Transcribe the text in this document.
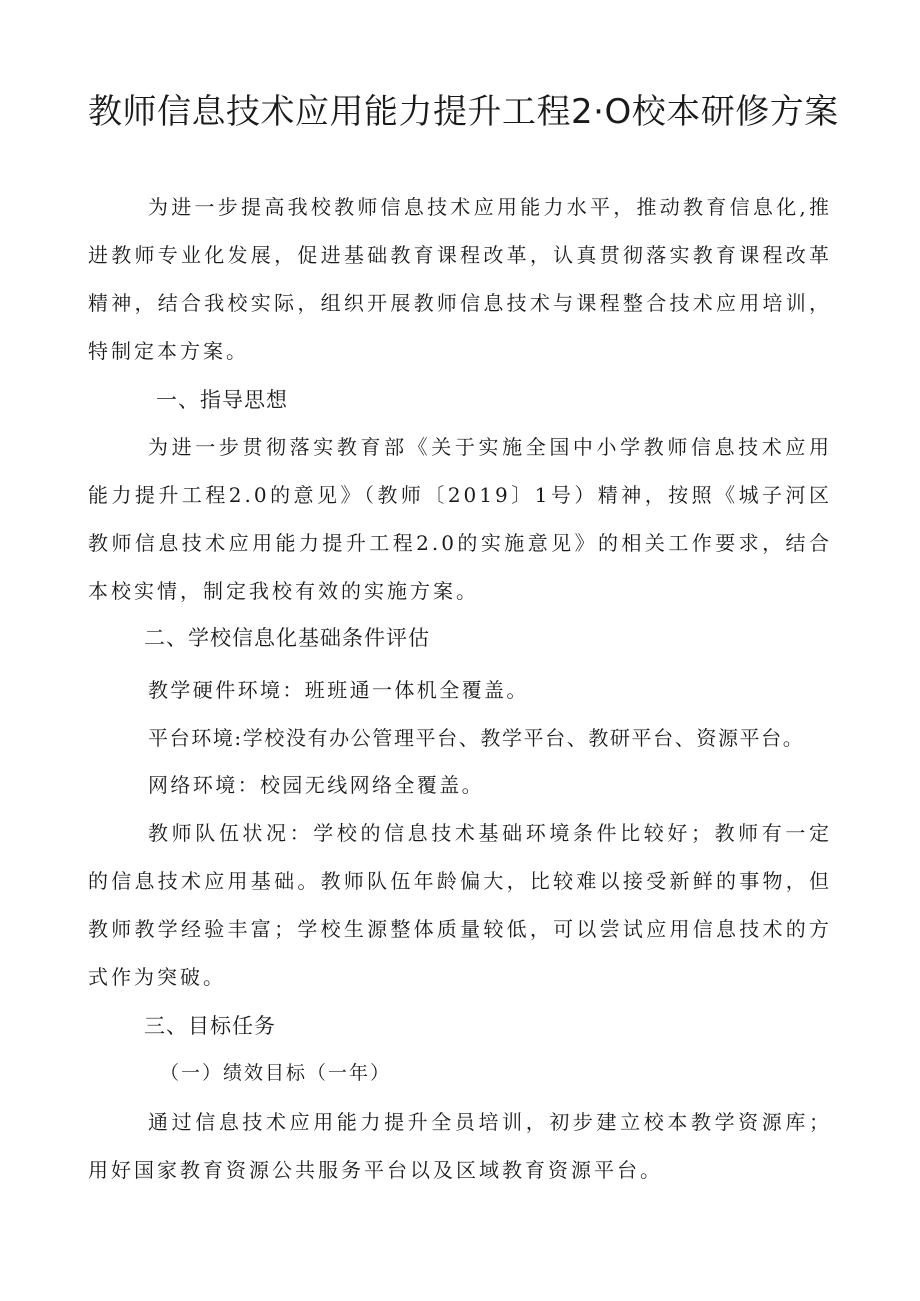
教师信息技术应用能力提升工程2·O校本研修方案

为进一步提高我校教师信息技术应用能力水平，推动教育信息化,推进教师专业化发展，促进基础教育课程改革，认真贯彻落实教育课程改革精神，结合我校实际，组织开展教师信息技术与课程整合技术应用培训，特制定本方案。

一、指导思想

为进一步贯彻落实教育部《关于实施全国中小学教师信息技术应用能力提升工程2.0的意见》（教师〔2019〕1号）精神，按照《城子河区教师信息技术应用能力提升工程2.0的实施意见》的相关工作要求，结合本校实情，制定我校有效的实施方案。

二、学校信息化基础条件评估

教学硬件环境：班班通一体机全覆盖。

平台环境:学校没有办公管理平台、教学平台、教研平台、资源平台。

网络环境：校园无线网络全覆盖。

教师队伍状况：学校的信息技术基础环境条件比较好；教师有一定的信息技术应用基础。教师队伍年龄偏大，比较难以接受新鲜的事物，但教师教学经验丰富；学校生源整体质量较低，可以尝试应用信息技术的方式作为突破。

三、目标任务

（一）绩效目标（一年）

通过信息技术应用能力提升全员培训，初步建立校本教学资源库；用好国家教育资源公共服务平台以及区域教育资源平台。
